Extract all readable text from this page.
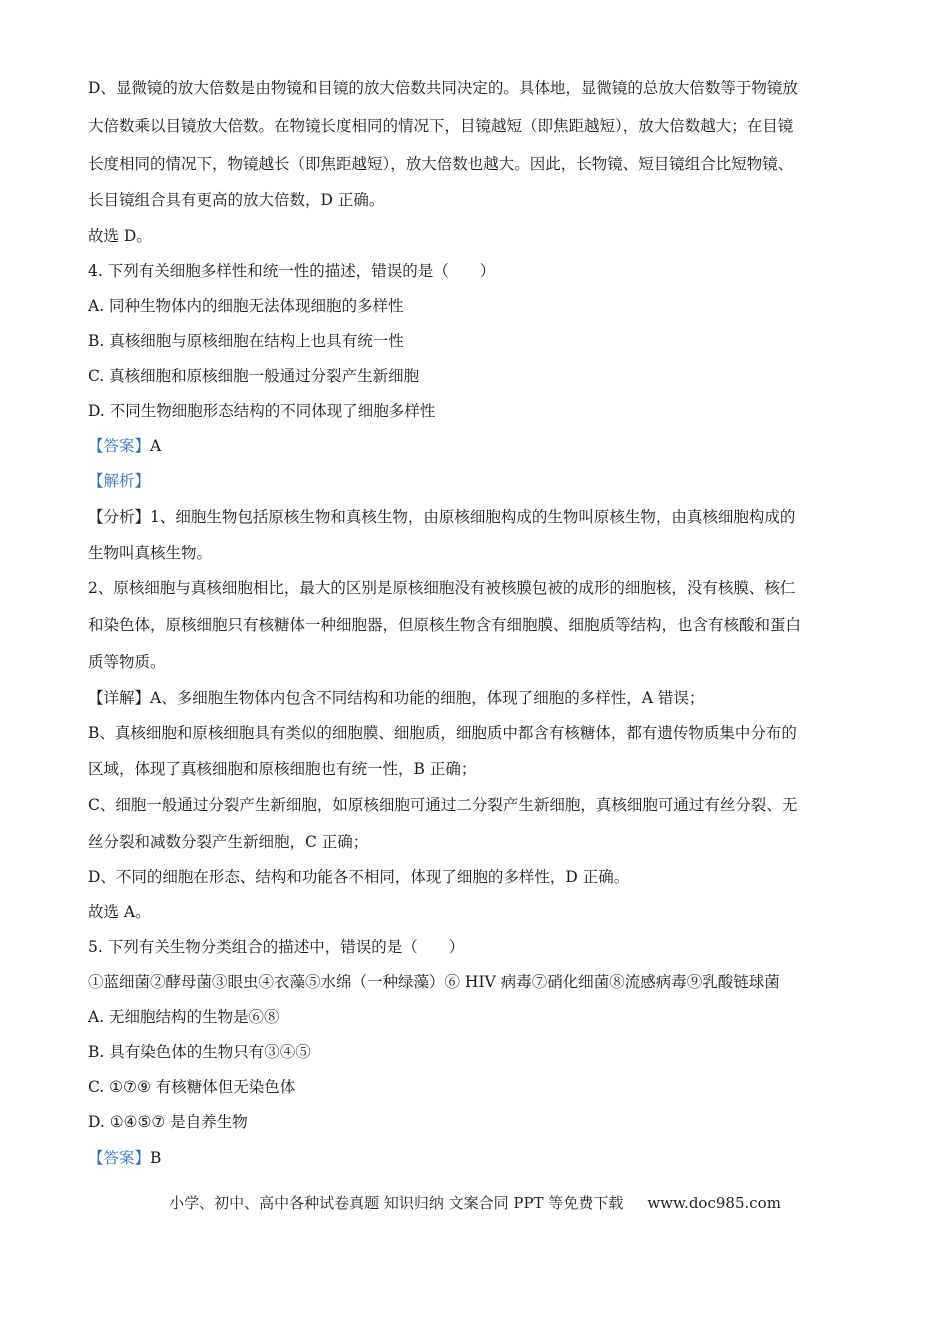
D、显微镜的放大倍数是由物镜和目镜的放大倍数共同决定的。具体地，显微镜的总放大倍数等于物镜放
大倍数乘以目镜放大倍数。在物镜长度相同的情况下，目镜越短（即焦距越短），放大倍数越大；在目镜
长度相同的情况下，物镜越长（即焦距越短），放大倍数也越大。因此，长物镜、短目镜组合比短物镜、
长目镜组合具有更高的放大倍数，D 正确。
故选 D。
4. 下列有关细胞多样性和统一性的描述，错误的是（　　）
A. 同种生物体内的细胞无法体现细胞的多样性
B. 真核细胞与原核细胞在结构上也具有统一性
C. 真核细胞和原核细胞一般通过分裂产生新细胞
D. 不同生物细胞形态结构的不同体现了细胞多样性
【答案】A
【解析】
【分析】1、细胞生物包括原核生物和真核生物，由原核细胞构成的生物叫原核生物，由真核细胞构成的
生物叫真核生物。
2、原核细胞与真核细胞相比，最大的区别是原核细胞没有被核膜包被的成形的细胞核，没有核膜、核仁
和染色体，原核细胞只有核糖体一种细胞器，但原核生物含有细胞膜、细胞质等结构，也含有核酸和蛋白
质等物质。
【详解】A、多细胞生物体内包含不同结构和功能的细胞，体现了细胞的多样性，A 错误；
B、真核细胞和原核细胞具有类似的细胞膜、细胞质，细胞质中都含有核糖体，都有遗传物质集中分布的
区域，体现了真核细胞和原核细胞也有统一性，B 正确；
C、细胞一般通过分裂产生新细胞，如原核细胞可通过二分裂产生新细胞，真核细胞可通过有丝分裂、无
丝分裂和减数分裂产生新细胞，C 正确；
D、不同的细胞在形态、结构和功能各不相同，体现了细胞的多样性，D 正确。
故选 A。
5. 下列有关生物分类组合的描述中，错误的是（　　）
①蓝细菌②酵母菌③眼虫④衣藻⑤水绵（一种绿藻）⑥ HIV 病毒⑦硝化细菌⑧流感病毒⑨乳酸链球菌
A. 无细胞结构的生物是⑥⑧
B. 具有染色体的生物只有③④⑤
C. ①⑦⑨ 有核糖体但无染色体
D. ①④⑤⑦ 是自养生物
【答案】B
小学、初中、高中各种试卷真题 知识归纳 文案合同 PPT 等免费下载 www.doc985.com
